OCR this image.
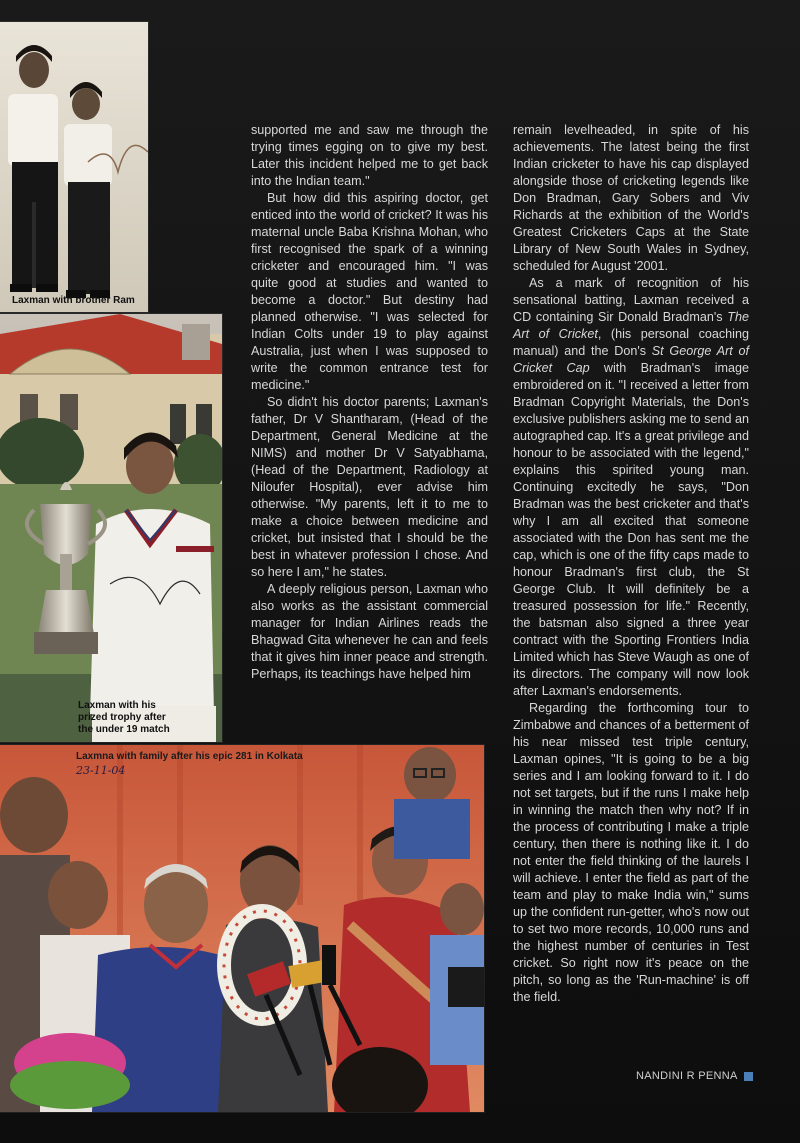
Laxman with brother Ram
Laxman with his
prized trophy after
the under 19 match
Laxmna with family after his epic 281 in Kolkata
23-11-04

supported me and saw me through the trying times egging on to give my best. Later this incident helped me to get back into the Indian team."

But how did this aspiring doctor, get enticed into the world of cricket? It was his maternal uncle Baba Krishna Mohan, who first recognised the spark of a winning cricketer and encouraged him. "I was quite good at studies and wanted to become a doctor." But destiny had planned otherwise. "I was selected for Indian Colts under 19 to play against Australia, just when I was supposed to write the common entrance test for medicine."

So didn't his doctor parents; Laxman's father, Dr V Shantharam, (Head of the Department, General Medicine at the NIMS) and mother Dr V Satyabhama, (Head of the Department, Radiology at Niloufer Hospital), ever advise him otherwise. "My parents, left it to me to make a choice between medicine and cricket, but insisted that I should be the best in whatever profession I chose. And so here I am," he states.

A deeply religious person, Laxman who also works as the assistant commercial manager for Indian Airlines reads the Bhagwad Gita whenever he can and feels that it gives him inner peace and strength. Perhaps, its teachings have helped him

remain levelheaded, in spite of his achievements. The latest being the first Indian cricketer to have his cap displayed alongside those of cricketing legends like Don Bradman, Gary Sobers and Viv Richards at the exhibition of the World's Greatest Cricketers Caps at the State Library of New South Wales in Sydney, scheduled for August '2001.

As a mark of recognition of his sensational batting, Laxman received a CD containing Sir Donald Bradman's The Art of Cricket, (his personal coaching manual) and the Don's St George Art of Cricket Cap with Bradman's image embroidered on it. "I received a letter from Bradman Copyright Materials, the Don's exclusive publishers asking me to send an autographed cap. It's a great privilege and honour to be associated with the legend," explains this spirited young man. Continuing excitedly he says, "Don Bradman was the best cricketer and that's why I am all excited that someone associated with the Don has sent me the cap, which is one of the fifty caps made to honour Bradman's first club, the St George Club. It will definitely be a treasured possession for life." Recently, the batsman also signed a three year contract with the Sporting Frontiers India Limited which has Steve Waugh as one of its directors. The company will now look after Laxman's endorsements.

Regarding the forthcoming tour to Zimbabwe and chances of a betterment of his near missed test triple century, Laxman opines, "It is going to be a big series and I am looking forward to it. I do not set targets, but if the runs I make help in winning the match then why not? If in the process of contributing I make a triple century, then there is nothing like it. I do not enter the field thinking of the laurels I will achieve. I enter the field as part of the team and play to make India win," sums up the confident run-getter, who's now out to set two more records, 10,000 runs and the highest number of centuries in Test cricket. So right now it's peace on the pitch, so long as the 'Run-machine' is off the field.

NANDINI R PENNA
